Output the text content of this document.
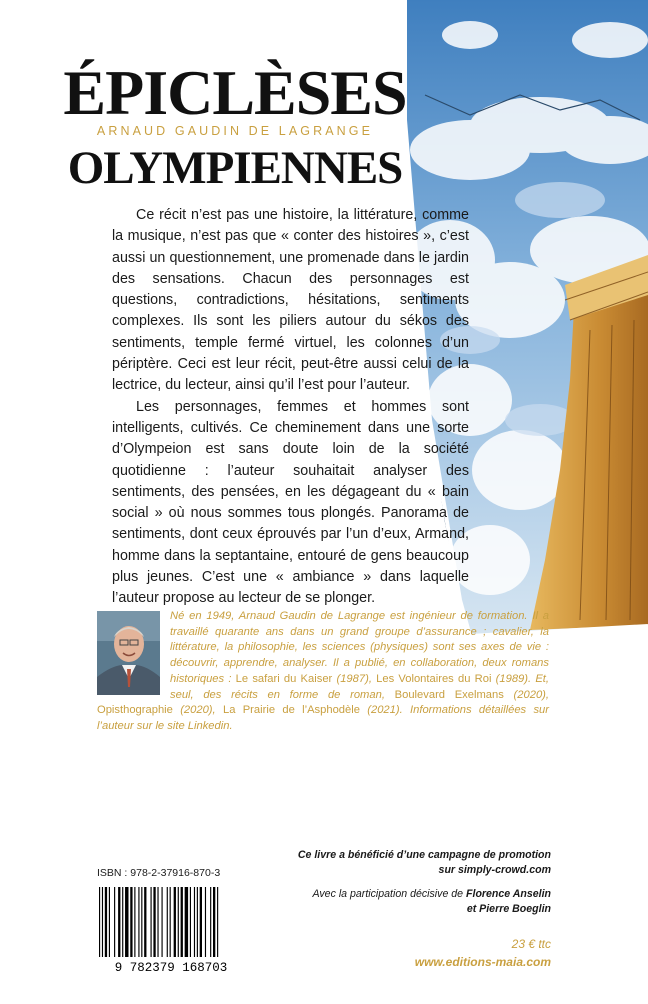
ÉPICLÈSES
ARNAUD GAUDIN DE LAGRANGE
OLYMPIENNES

Ce récit n’est pas une histoire, la littérature, comme la musique, n’est pas que « conter des histoires », c’est aussi un questionnement, une promenade dans le jardin des sensations. Chacun des personnages est questions, contradictions, hésitations, sentiments complexes. Ils sont les piliers autour du sékos des sentiments, temple fermé virtuel, les colonnes d’un périptère. Ceci est leur récit, peut-être aussi celui de la lectrice, du lecteur, ainsi qu’il l’est pour l’auteur.

Les personnages, femmes et hommes sont intelligents, cultivés. Ce cheminement dans une sorte d’Olympeion est sans doute loin de la société quotidienne : l’auteur souhaitait analyser des sentiments, des pensées, en les dégageant du « bain social » où nous sommes tous plongés. Panorama de sentiments, dont ceux éprouvés par l’un d’eux, Armand, homme dans la septantaine, entouré de gens beaucoup plus jeunes. C’est une « ambiance » dans laquelle l’auteur propose au lecteur de se plonger.

Né en 1949, Arnaud Gaudin de Lagrange est ingénieur de formation. Il a travaillé quarante ans dans un grand groupe d’assurance ; cavalier, la littérature, la philosophie, les sciences (physiques) sont ses axes de vie : découvrir, apprendre, analyser. Il a publié, en collaboration, deux romans historiques : Le safari du Kaiser (1987), Les Volontaires du Roi (1989). Et, seul, des récits en forme de roman, Boulevard Exelmans (2020), Opisthographie (2020), La Prairie de l’Asphodèle (2021). Informations détaillées sur l’auteur sur le site Linkedin.

ISBN : 978-2-37916-870-3
9 782379 168703

Ce livre a bénéficié d’une campagne de promotion
sur simply-crowd.com

Avec la participation décisive de Florence Anselin
et Pierre Boeglin

23 € ttc

www.editions-maia.com
